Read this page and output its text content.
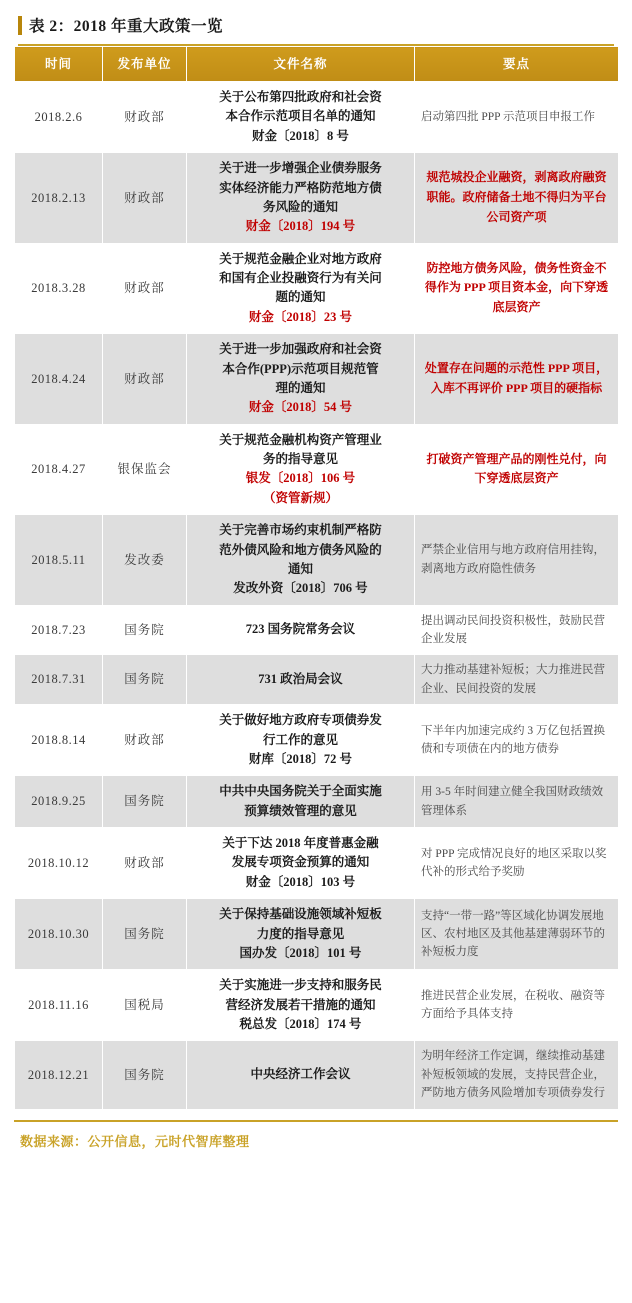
表 2：2018 年重大政策一览
时间	发布单位	文件名称	要点
2018.2.6	财政部	关于公布第四批政府和社会资
本合作示范项目名单的通知
财金〔2018〕8 号	启动第四批 PPP 示范项目申报工作
2018.2.13	财政部	关于进一步增强企业债券服务
实体经济能力严格防范地方债
务风险的通知
财金〔2018〕194 号	规范城投企业融资，剥离政府融资职能。政府储备土地不得归为平台公司资产项
2018.3.28	财政部	关于规范金融企业对地方政府
和国有企业投融资行为有关问
题的通知
财金〔2018〕23 号	防控地方债务风险，债务性资金不得作为 PPP 项目资本金，向下穿透底层资产
2018.4.24	财政部	关于进一步加强政府和社会资
本合作(PPP)示范项目规范管
理的通知
财金〔2018〕54 号	处置存在问题的示范性 PPP 项目，入库不再评价 PPP 项目的硬指标
2018.4.27	银保监会	关于规范金融机构资产管理业
务的指导意见
银发〔2018〕106 号
（资管新规）	打破资产管理产品的刚性兑付，向下穿透底层资产
2018.5.11	发改委	关于完善市场约束机制严格防
范外债风险和地方债务风险的
通知
发改外资〔2018〕706 号	严禁企业信用与地方政府信用挂钩，剥离地方政府隐性债务
2018.7.23	国务院	723 国务院常务会议	提出调动民间投资积极性，鼓励民营企业发展
2018.7.31	国务院	731 政治局会议	大力推动基建补短板；大力推进民营企业、民间投资的发展
2018.8.14	财政部	关于做好地方政府专项债券发
行工作的意见
财库〔2018〕72 号	下半年内加速完成约 3 万亿包括置换债和专项债在内的地方债券
2018.9.25	国务院	中共中央国务院关于全面实施
预算绩效管理的意见	用 3-5 年时间建立健全我国财政绩效管理体系
2018.10.12	财政部	关于下达 2018 年度普惠金融
发展专项资金预算的通知
财金〔2018〕103 号	对 PPP 完成情况良好的地区采取以奖代补的形式给予奖励
2018.10.30	国务院	关于保持基础设施领域补短板
力度的指导意见
国办发〔2018〕101 号	支持“一带一路”等区域化协调发展地区、农村地区及其他基建薄弱环节的补短板力度
2018.11.16	国税局	关于实施进一步支持和服务民
营经济发展若干措施的通知
税总发〔2018〕174 号	推进民营企业发展，在税收、融资等方面给予具体支持
2018.12.21	国务院	中央经济工作会议	为明年经济工作定调，继续推动基建补短板领域的发展，支持民营企业，严防地方债务风险增加专项债券发行
数据来源：公开信息，元时代智库整理
